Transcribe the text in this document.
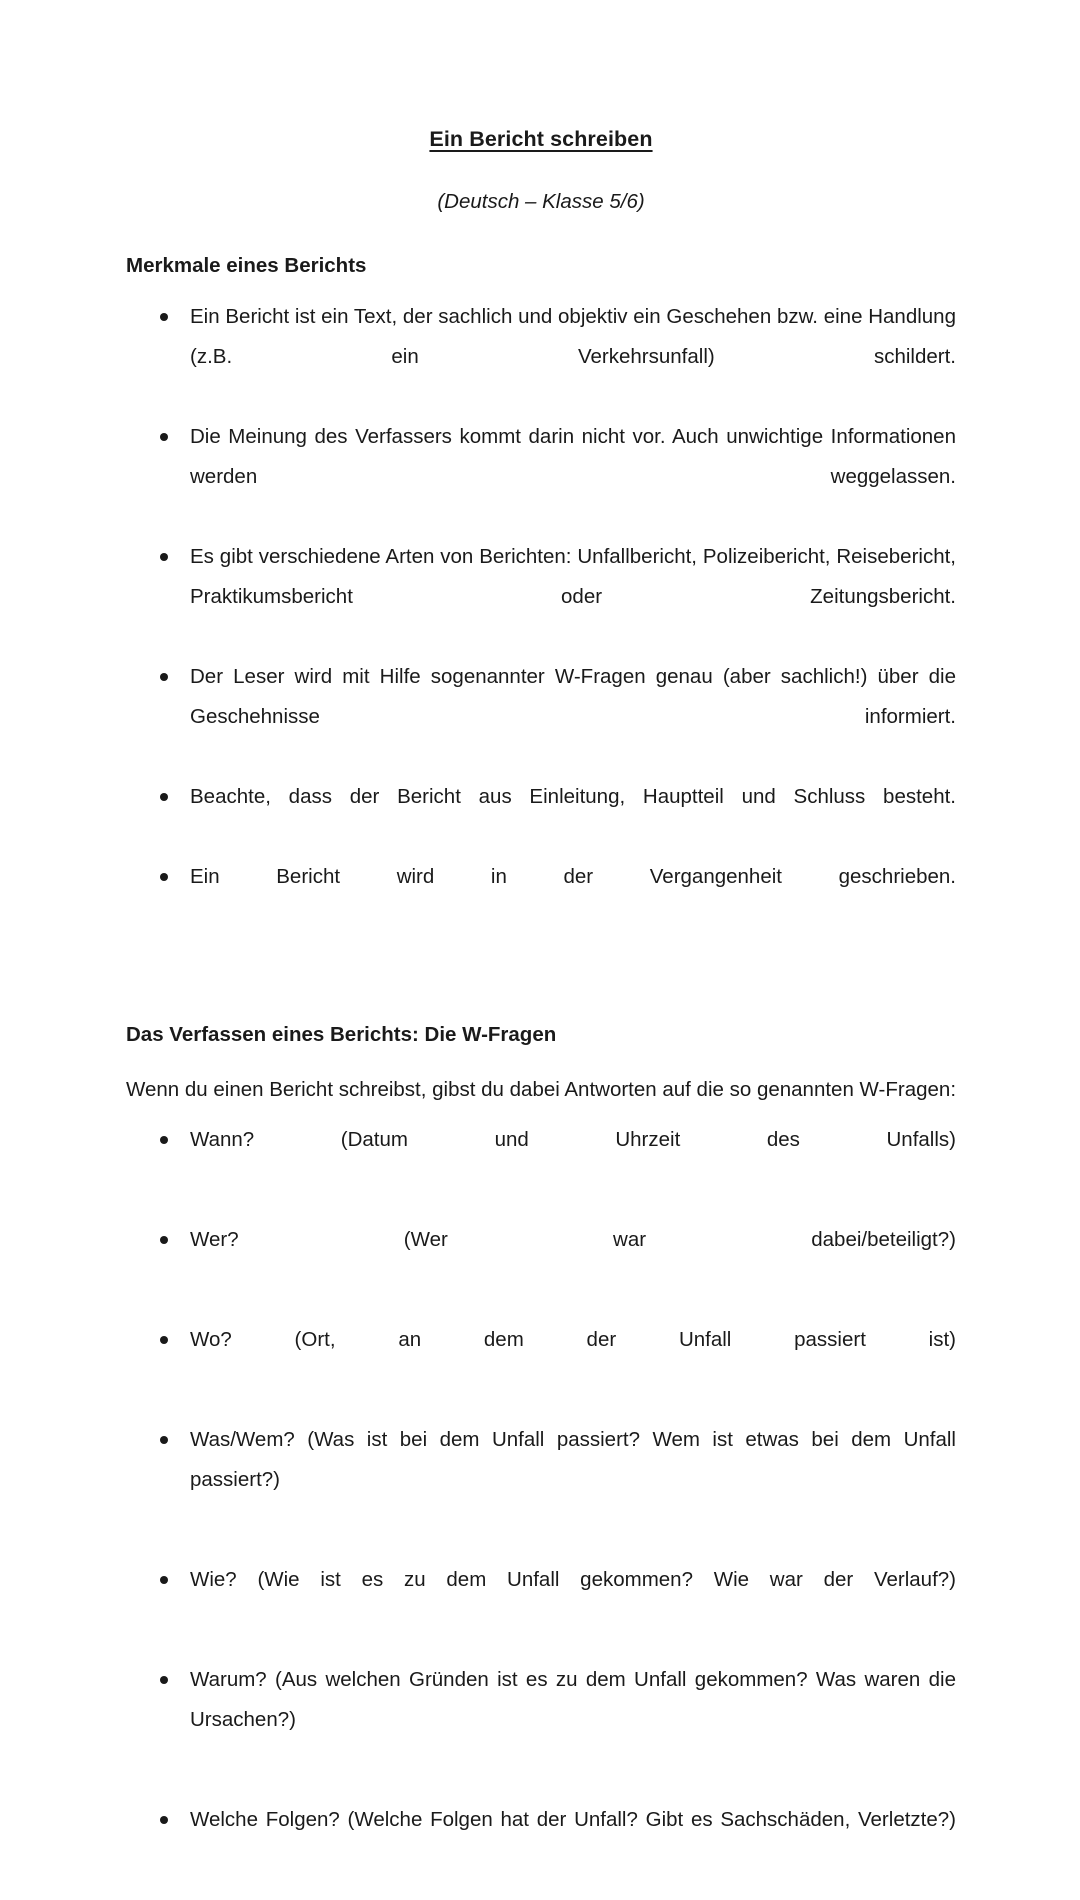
Ein Bericht schreiben

(Deutsch – Klasse 5/6)

Merkmale eines Berichts
Ein Bericht ist ein Text, der sachlich und objektiv ein Geschehen bzw. eine Handlung (z.B. ein Verkehrsunfall) schildert.
Die Meinung des Verfassers kommt darin nicht vor. Auch unwichtige Informationen werden weggelassen.
Es gibt verschiedene Arten von Berichten: Unfallbericht, Polizeibericht, Reisebericht, Praktikumsbericht oder Zeitungsbericht.
Der Leser wird mit Hilfe sogenannter W-Fragen genau (aber sachlich!) über die Geschehnisse informiert.
Beachte, dass der Bericht aus Einleitung, Hauptteil und Schluss besteht.
Ein Bericht wird in der Vergangenheit geschrieben.
Das Verfassen eines Berichts: Die W-Fragen

Wenn du einen Bericht schreibst, gibst du dabei Antworten auf die so genannten W-Fragen:

Wann? (Datum und Uhrzeit des Unfalls)
Wer? (Wer war dabei/beteiligt?)
Wo? (Ort, an dem der Unfall passiert ist)
Was/Wem? (Was ist bei dem Unfall passiert? Wem ist etwas bei dem Unfall passiert?)
Wie? (Wie ist es zu dem Unfall gekommen? Wie war der Verlauf?)
Warum? (Aus welchen Gründen ist es zu dem Unfall gekommen? Was waren die Ursachen?)
Welche Folgen? (Welche Folgen hat der Unfall? Gibt es Sachschäden, Verletzte?)
